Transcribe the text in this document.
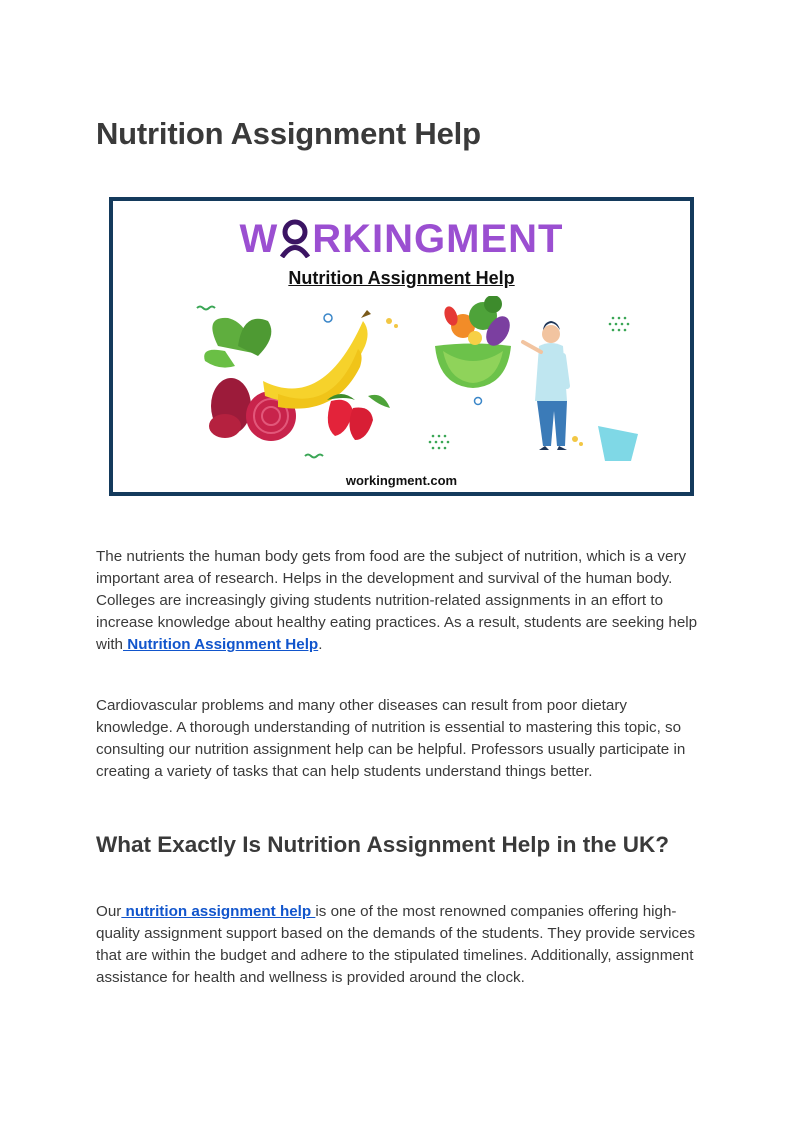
Nutrition Assignment Help
W RKINGMENT
Nutrition Assignment Help
workingment.com

The nutrients the human body gets from food are the subject of nutrition, which is a very important area of research. Helps in the development and survival of the human body. Colleges are increasingly giving students nutrition-related assignments in an effort to increase knowledge about healthy eating practices. As a result, students are seeking help with Nutrition Assignment Help.

Cardiovascular problems and many other diseases can result from poor dietary knowledge. A thorough understanding of nutrition is essential to mastering this topic, so consulting our nutrition assignment help can be helpful. Professors usually participate in creating a variety of tasks that can help students understand things better.

What Exactly Is Nutrition Assignment Help in the UK?

Our nutrition assignment help is one of the most renowned companies offering high-quality assignment support based on the demands of the students. They provide services that are within the budget and adhere to the stipulated timelines. Additionally, assignment assistance for health and wellness is provided around the clock.
